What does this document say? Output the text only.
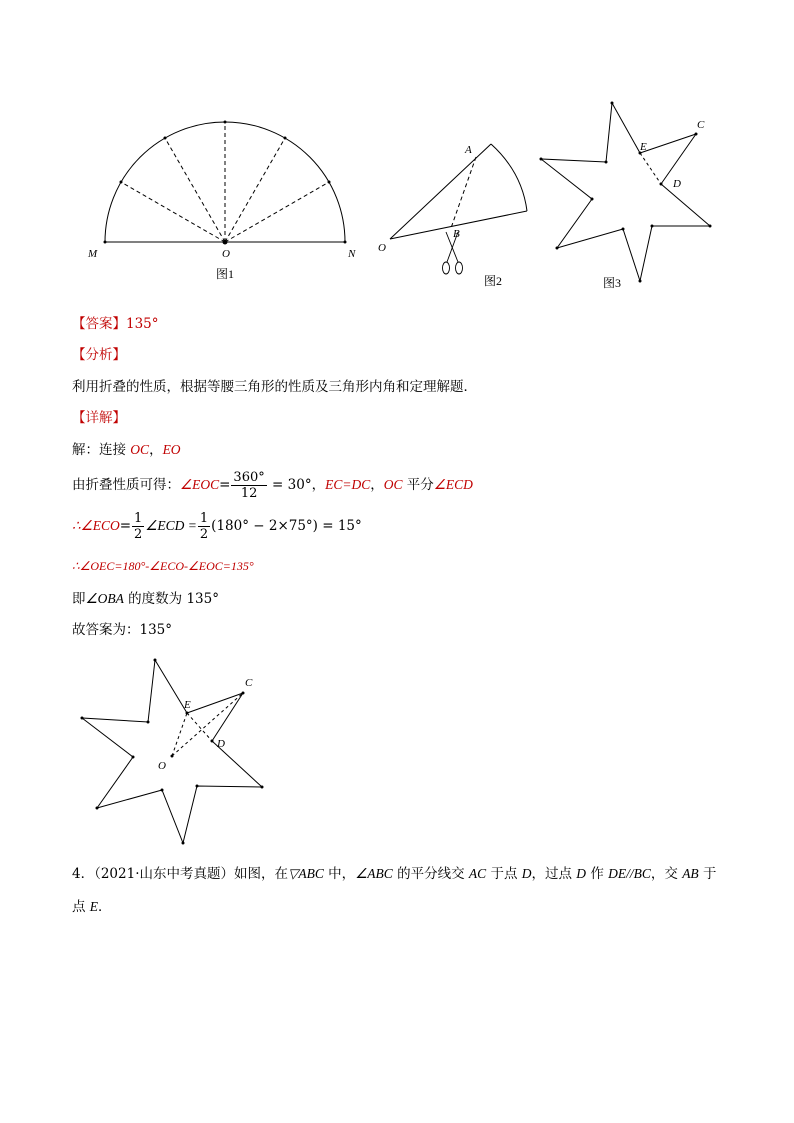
M	O	N
图1
A
B
O
图2
C
E
D
图3
【答案】135°
【分析】
利用折叠的性质，根据等腰三角形的性质及三角形内角和定理解题．
【详解】
解：连接 OC，EO
由折叠性质可得：∠EOC= $\frac{360^\circ}{12} = 30^\circ$，EC=DC，OC 平分∠ECD
∴∠ECO= $\frac{1}{2}$ ∠ECD = $\frac{1}{2} (180^\circ - 2\times 75^\circ) = 15^\circ$
∴∠OEC=180°-∠ECO-∠EOC=135°
即∠OBA 的度数为 135°
故答案为：135°
C
E
D
O
4．（2021·山东中考真题）如图，在▽ABC 中，∠ABC 的平分线交 AC 于点 D，过点 D 作 DE//BC，交 AB 于
点 E．
